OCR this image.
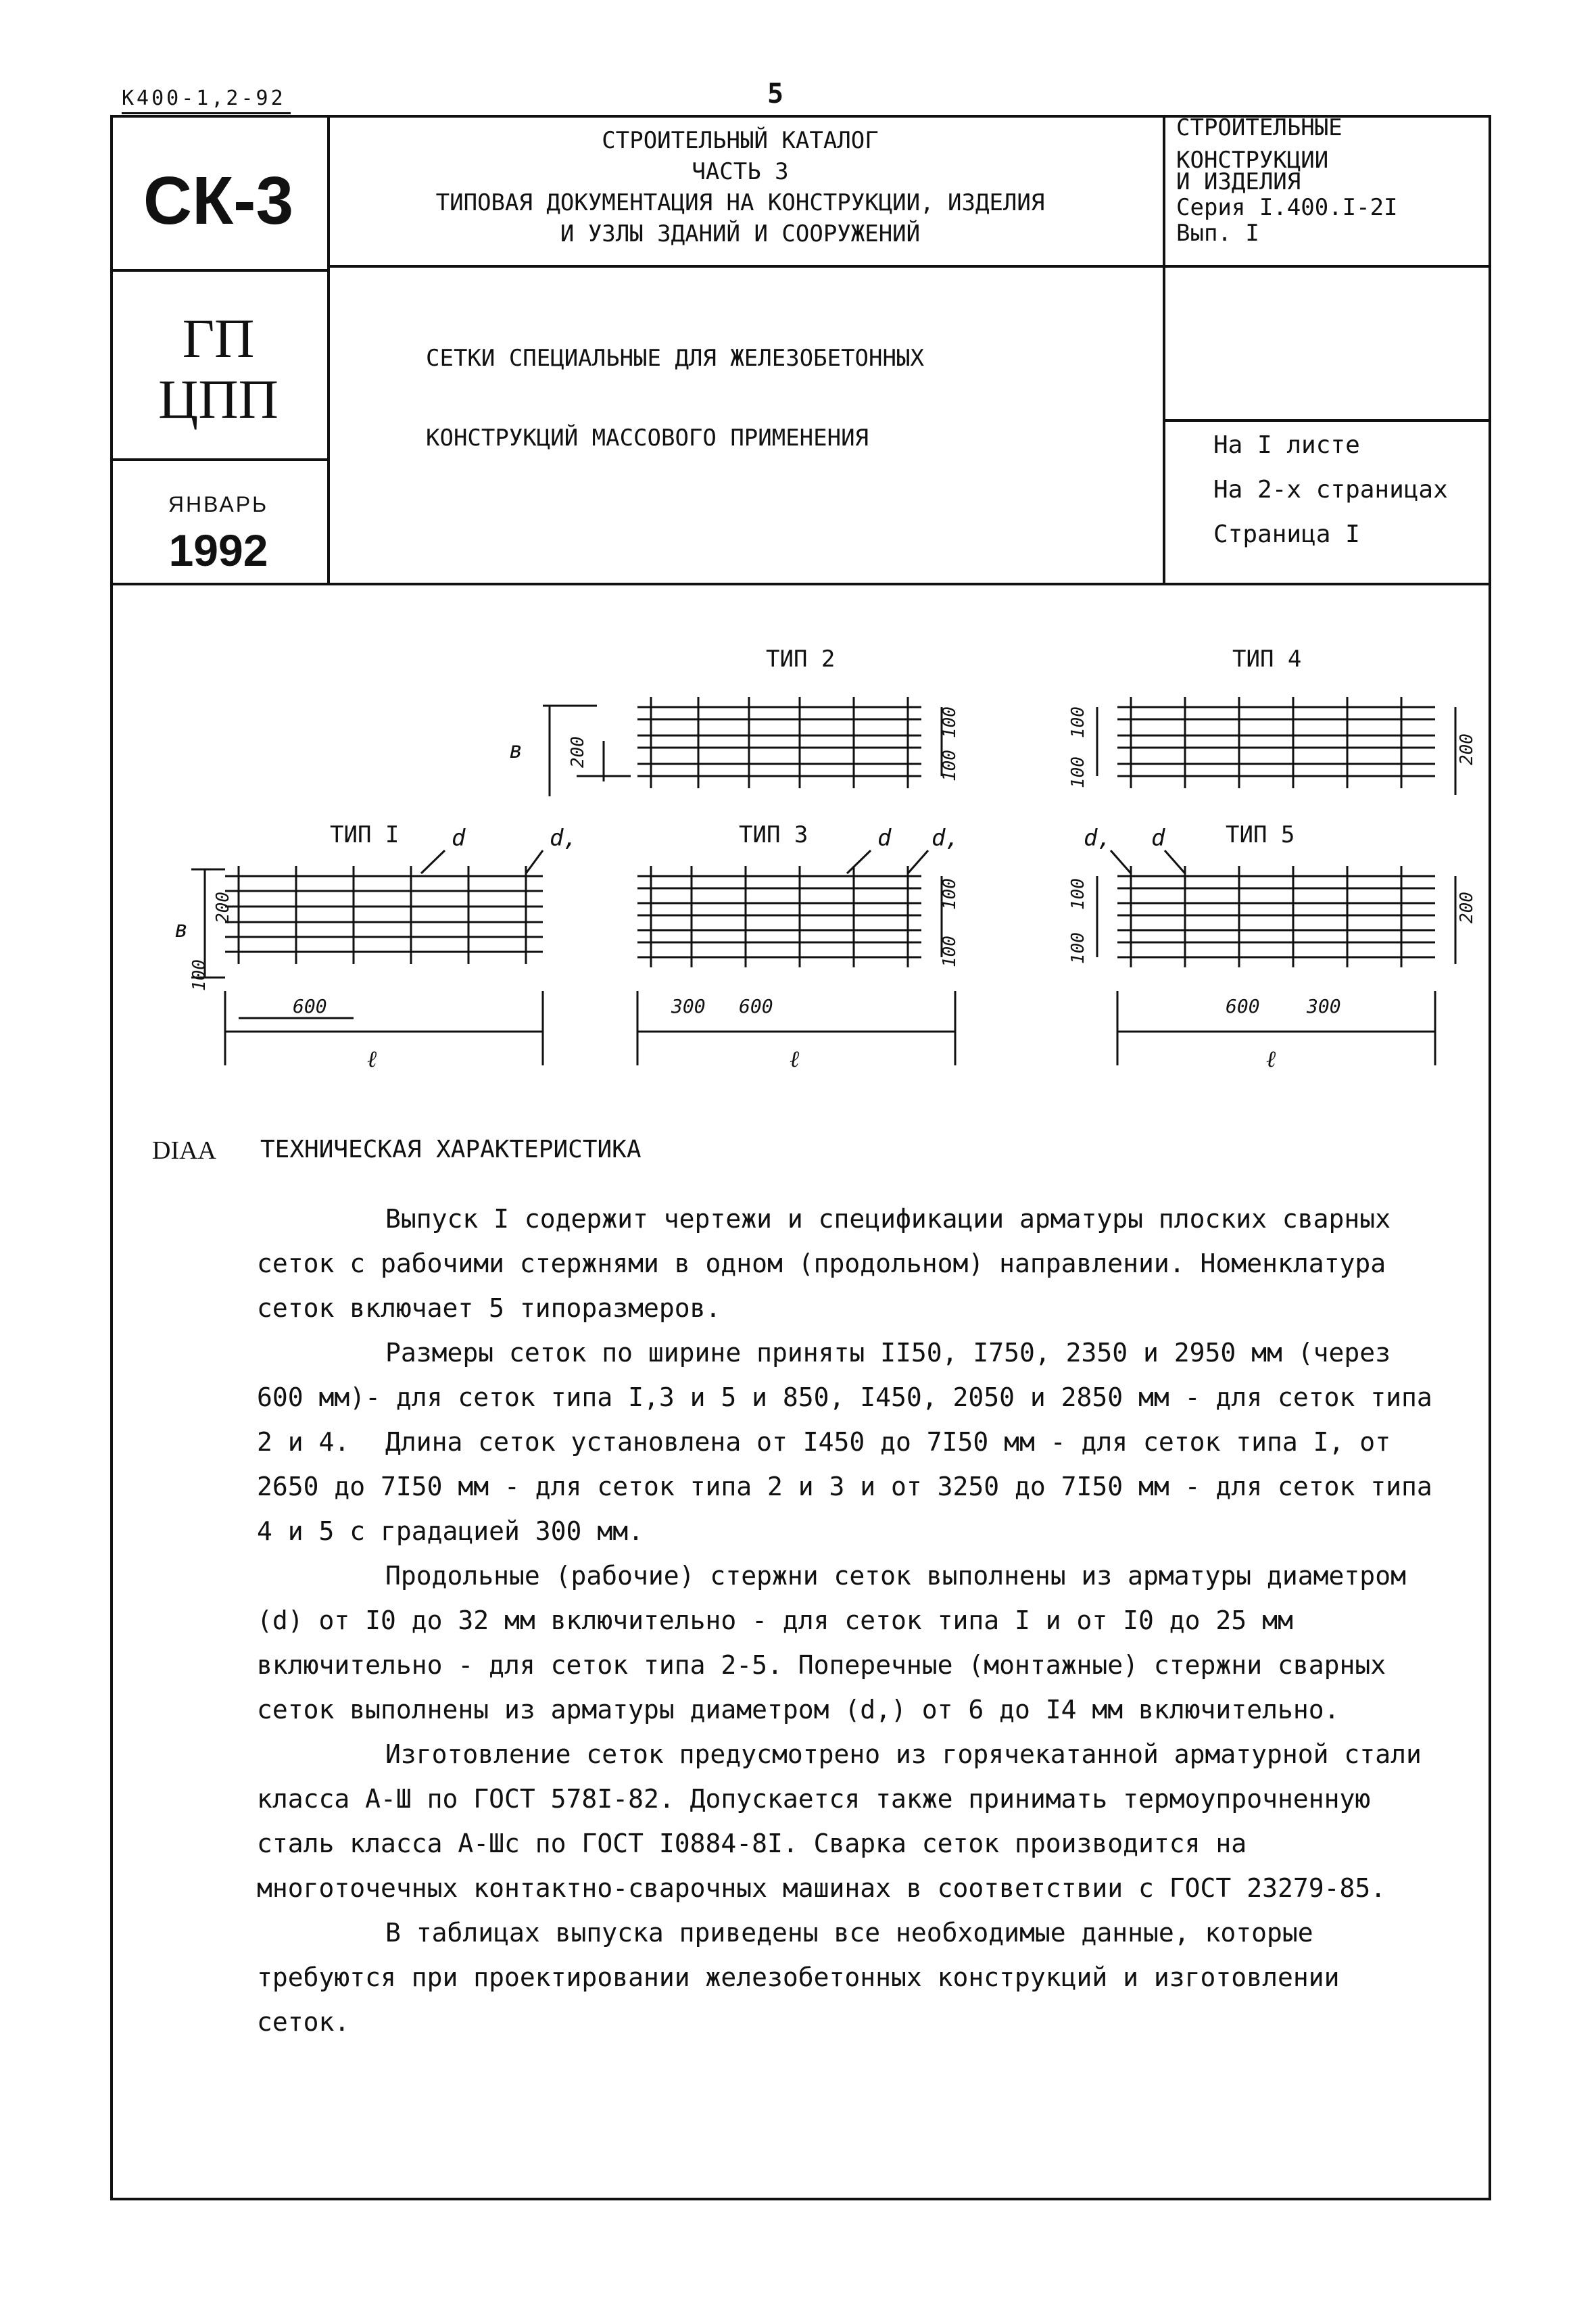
К400-1,2-92	5
СК-3
ГП
ЦПП
ЯНВАРЬ
1992
СТРОИТЕЛЬНЫЙ КАТАЛОГ
ЧАСТЬ 3
ТИПОВАЯ ДОКУМЕНТАЦИЯ НА КОНСТРУКЦИИ, ИЗДЕЛИЯ
И УЗЛЫ ЗДАНИЙ И СООРУЖЕНИЙ
СТРОИТЕЛЬНЫЕ
КОНСТРУКЦИИ
И ИЗДЕЛИЯ
Серия I.400.I-2I
Вып. I
СЕТКИ СПЕЦИАЛЬНЫЕ ДЛЯ ЖЕЛЕЗОБЕТОННЫХ
КОНСТРУКЦИЙ МАССОВОГО ПРИМЕНЕНИЯ	На I листе
На 2-х страницах
Страница I
ТИП 2	ТИП 4
ТИП I	ТИП 3	ТИП 5
d	d,	d d,	d, d
в
в
ℓ	ℓ	ℓ
600	300 600	600 300
200
100
100
100
100
200
200
100
100
100
100
100
200
DIAA ТЕХНИЧЕСКАЯ ХАРАКТЕРИСТИКА
Выпуск I содержит чертежи и спецификации арматуры плоских сварных сеток с рабочими стержнями в одном (продольном) направлении. Номенклатура сеток включает 5 типоразмеров.
Размеры сеток по ширине приняты II50, I750, 2350 и 2950 мм (через 600 мм)- для сеток типа I,3 и 5 и 850, I450, 2050 и 2850 мм - для сеток типа 2 и 4.	Длина сеток установлена от I450 до 7I50 мм - для сеток типа I, от 2650 до 7I50 мм - для сеток типа 2 и 3 и от 3250 до 7I50 мм - для сеток типа 4 и 5 с градацией 300 мм.
Продольные (рабочие) стержни сеток выполнены из арматуры диаметром (d) от I0 до 32 мм включительно - для сеток типа I и от I0 до 25 мм включительно - для сеток типа 2-5. Поперечные (монтажные) стержни сварных сеток выполнены из арматуры диаметром (d,) от 6 до I4 мм включительно.
Изготовление сеток предусмотрено из горячекатанной арматурной стали класса А-Ш по ГОСТ 578I-82. Допускается также принимать термоупрочненную сталь класса А-Шс по ГОСТ I0884-8I. Сварка сеток производится на многоточечных контактно-сварочных машинах в соответствии с ГОСТ 23279-85.
В таблицах выпуска приведены все необходимые данные, которые требуются при проектировании железобетонных конструкций и изготовлении сеток.
